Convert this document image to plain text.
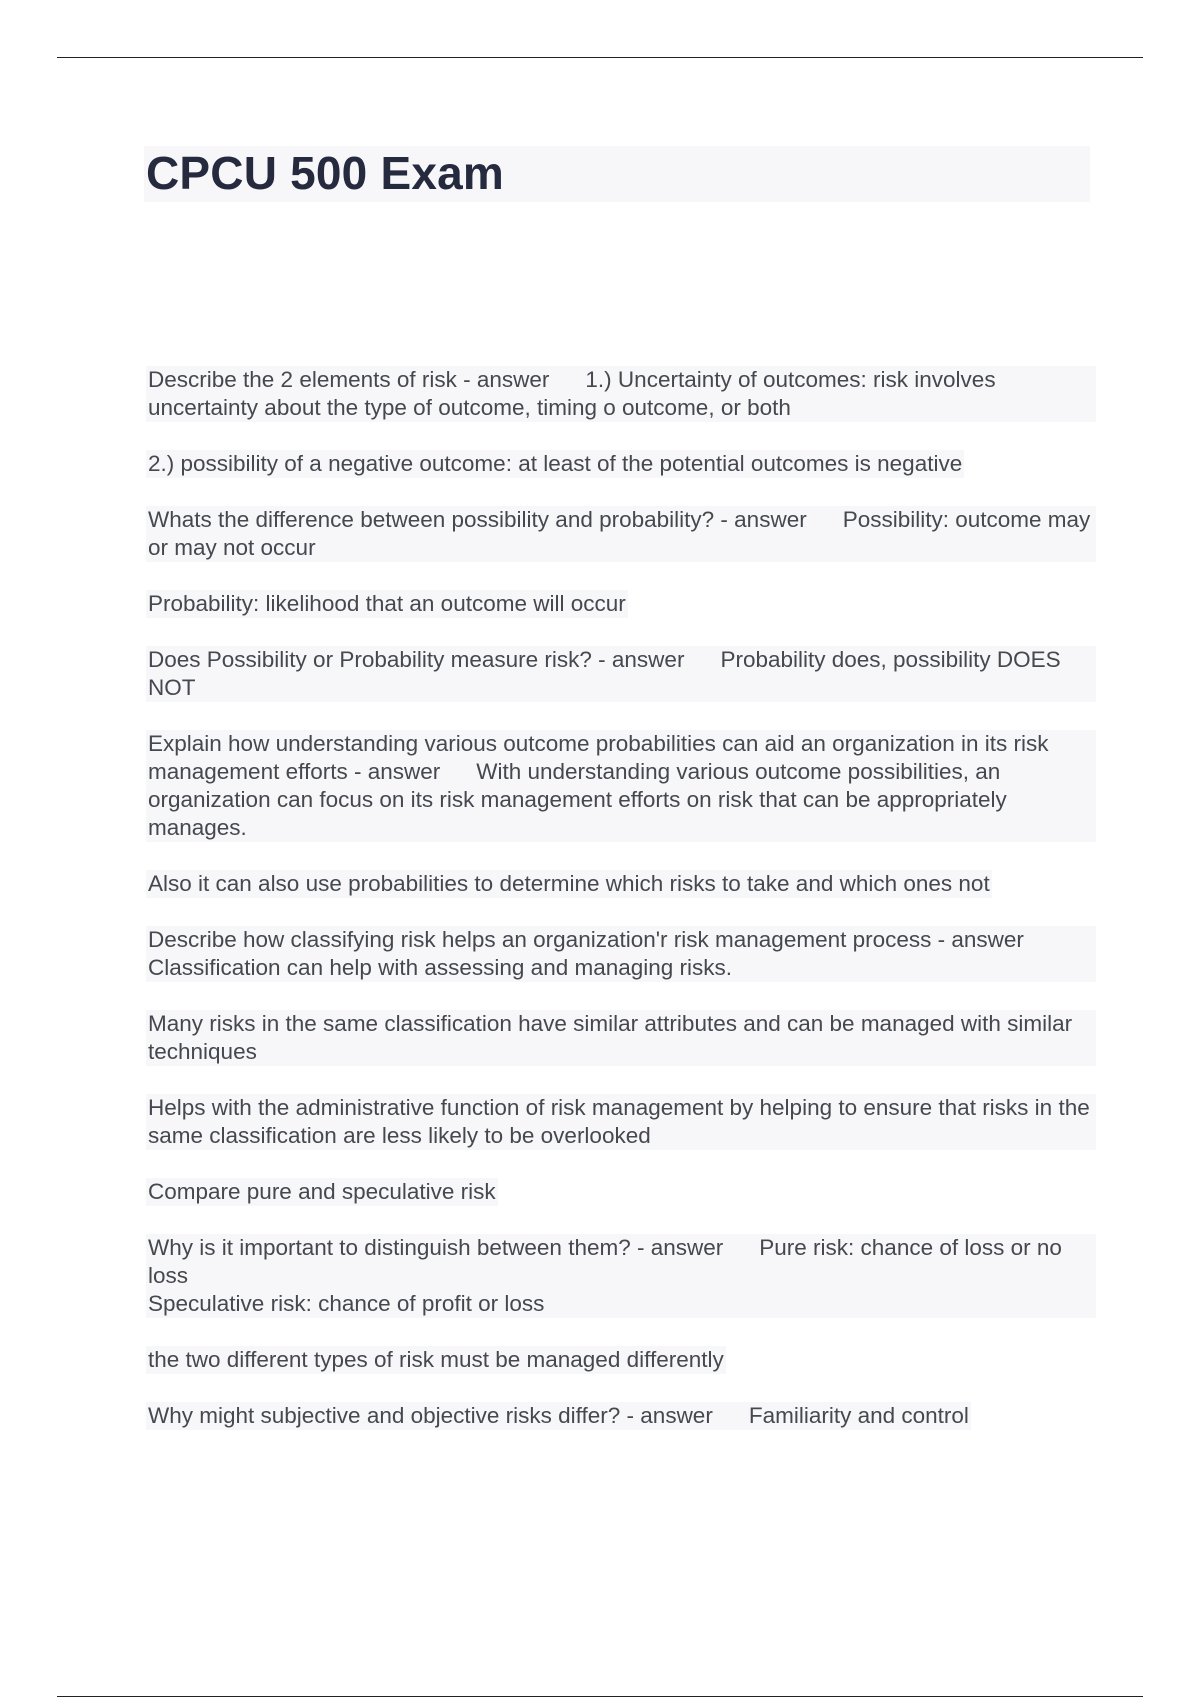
CPCU 500 Exam

Describe the 2 elements of risk - answer 1.) Uncertainty of outcomes: risk involves uncertainty about the type of outcome, timing o outcome, or both

2.) possibility of a negative outcome: at least of the potential outcomes is negative

Whats the difference between possibility and probability? - answer Possibility: outcome may or may not occur

Probability: likelihood that an outcome will occur

Does Possibility or Probability measure risk? - answer Probability does, possibility DOES NOT

Explain how understanding various outcome probabilities can aid an organization in its risk management efforts - answer With understanding various outcome possibilities, an organization can focus on its risk management efforts on risk that can be appropriately manages.

Also it can also use probabilities to determine which risks to take and which ones not

Describe how classifying risk helps an organization'r risk management process - answerClassification can help with assessing and managing risks.

Many risks in the same classification have similar attributes and can be managed with similar techniques

Helps with the administrative function of risk management by helping to ensure that risks in the same classification are less likely to be overlooked

Compare pure and speculative risk

Why is it important to distinguish between them? - answer Pure risk: chance of loss or no loss
Speculative risk: chance of profit or loss

the two different types of risk must be managed differently

Why might subjective and objective risks differ? - answer Familiarity and control
